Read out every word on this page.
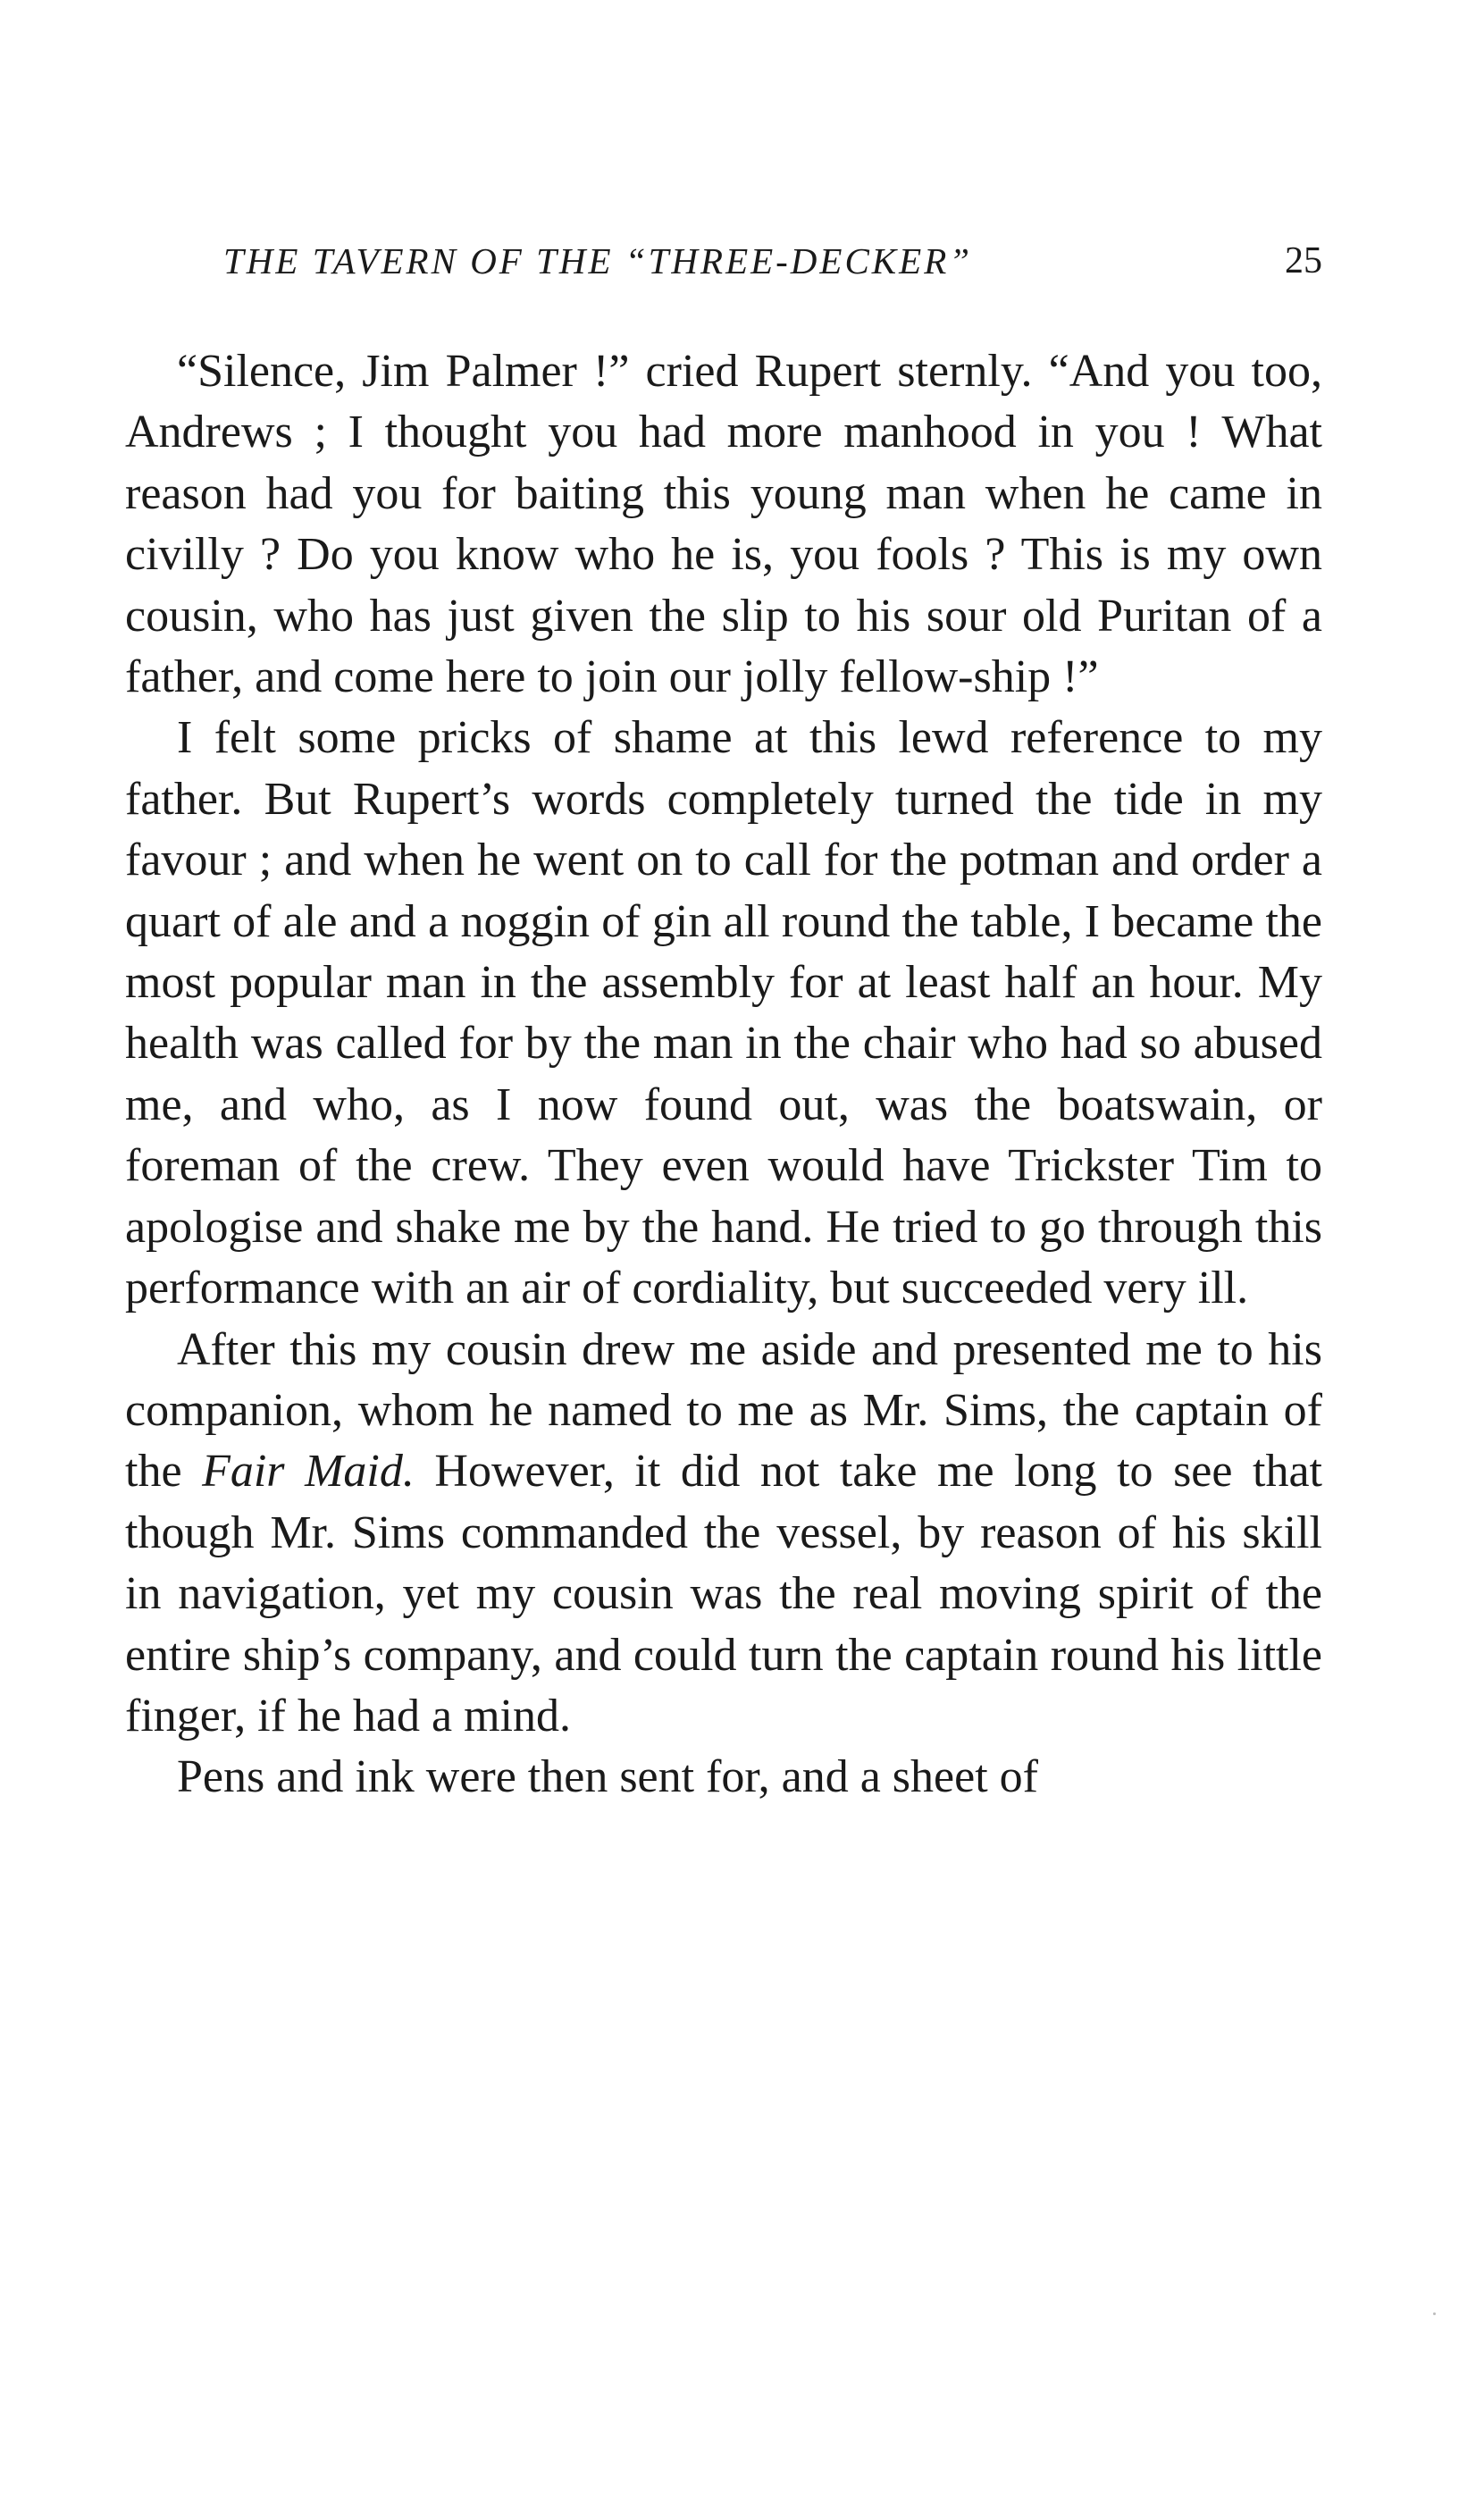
THE TAVERN OF THE “THREE-DECKER”	25

“Silence, Jim Palmer !” cried Rupert sternly. “And you too, Andrews ; I thought you had more manhood in you ! What reason had you for baiting this young man when he came in civilly ? Do you know who he is, you fools ? This is my own cousin, who has just given the slip to his sour old Puritan of a father, and come here to join our jolly fellow-ship !”

I felt some pricks of shame at this lewd reference to my father. But Rupert’s words completely turned the tide in my favour ; and when he went on to call for the potman and order a quart of ale and a noggin of gin all round the table, I became the most popular man in the assembly for at least half an hour. My health was called for by the man in the chair who had so abused me, and who, as I now found out, was the boatswain, or foreman of the crew. They even would have Trickster Tim to apologise and shake me by the hand. He tried to go through this performance with an air of cordiality, but succeeded very ill.

After this my cousin drew me aside and presented me to his companion, whom he named to me as Mr. Sims, the captain of the Fair Maid. However, it did not take me long to see that though Mr. Sims commanded the vessel, by reason of his skill in navigation, yet my cousin was the real moving spirit of the entire ship’s company, and could turn the captain round his little finger, if he had a mind.

Pens and ink were then sent for, and a sheet of
